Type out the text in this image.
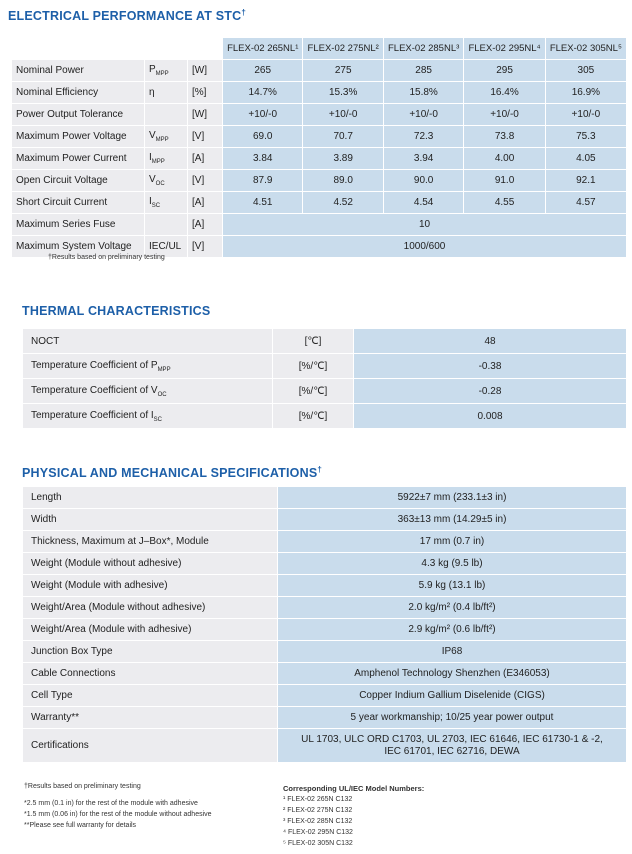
ELECTRICAL PERFORMANCE AT STC†
			FLEX-02 265NL¹	FLEX-02 275NL²	FLEX-02 285NL³	FLEX-02 295NL⁴	FLEX-02 305NL⁵
Nominal Power	$P_{MPP}$	[W]	265	275	285	295	305
Nominal Efficiency	η	[%]	14.7%	15.3%	15.8%	16.4%	16.9%
Power Output Tolerance		[W]	+10/-0	+10/-0	+10/-0	+10/-0	+10/-0
Maximum Power Voltage	$V_{MPP}$	[V]	69.0	70.7	72.3	73.8	75.3
Maximum Power Current	$I_{MPP}$	[A]	3.84	3.89	3.94	4.00	4.05
Open Circuit Voltage	$V_{OC}$	[V]	87.9	89.0	90.0	91.0	92.1
Short Circuit Current	$I_{SC}$	[A]	4.51	4.52	4.54	4.55	4.57
Maximum Series Fuse		[A]	10				
Maximum System Voltage	IEC/UL	[V]	1000/600				
†Results based on preliminary testing
THERMAL CHARACTERISTICS
NOCT	[℃]	48
Temperature Coefficient of $P_{MPP}$	[%/℃]	-0.38
Temperature Coefficient of $V_{OC}$	[%/℃]	-0.28
Temperature Coefficient of $I_{SC}$	[%/℃]	0.008
PHYSICAL AND MECHANICAL SPECIFICATIONS†
Length	5922±7 mm (233.1±3 in)
Width	363±13 mm (14.29±5 in)
Thickness, Maximum at J–Box*, Module	17 mm (0.7 in)
Weight (Module without adhesive)	4.3 kg (9.5 lb)
Weight (Module with adhesive)	5.9 kg (13.1 lb)
Weight/Area (Module without adhesive)	2.0 kg/m² (0.4 lb/ft²)
Weight/Area (Module with adhesive)	2.9 kg/m² (0.6 lb/ft²)
Junction Box Type	IP68
Cable Connections	Amphenol Technology Shenzhen (E346053)
Cell Type	Copper Indium Gallium Diselenide (CIGS)
Warranty**	5 year workmanship; 10/25 year power output
Certifications	UL 1703, ULC ORD C1703, UL 2703, IEC 61646, IEC 61730-1 & -2,
IEC 61701, IEC 62716, DEWA
†Results based on preliminary testing
*2.5 mm (0.1 in) for the rest of the module with adhesive
*1.5 mm (0.06 in) for the rest of the module without adhesive
**Please see full warranty for details
Corresponding UL/IEC Model Numbers:
¹ FLEX-02 265N C132
² FLEX-02 275N C132
³ FLEX-02 285N C132
⁴ FLEX-02 295N C132
⁵ FLEX-02 305N C132
